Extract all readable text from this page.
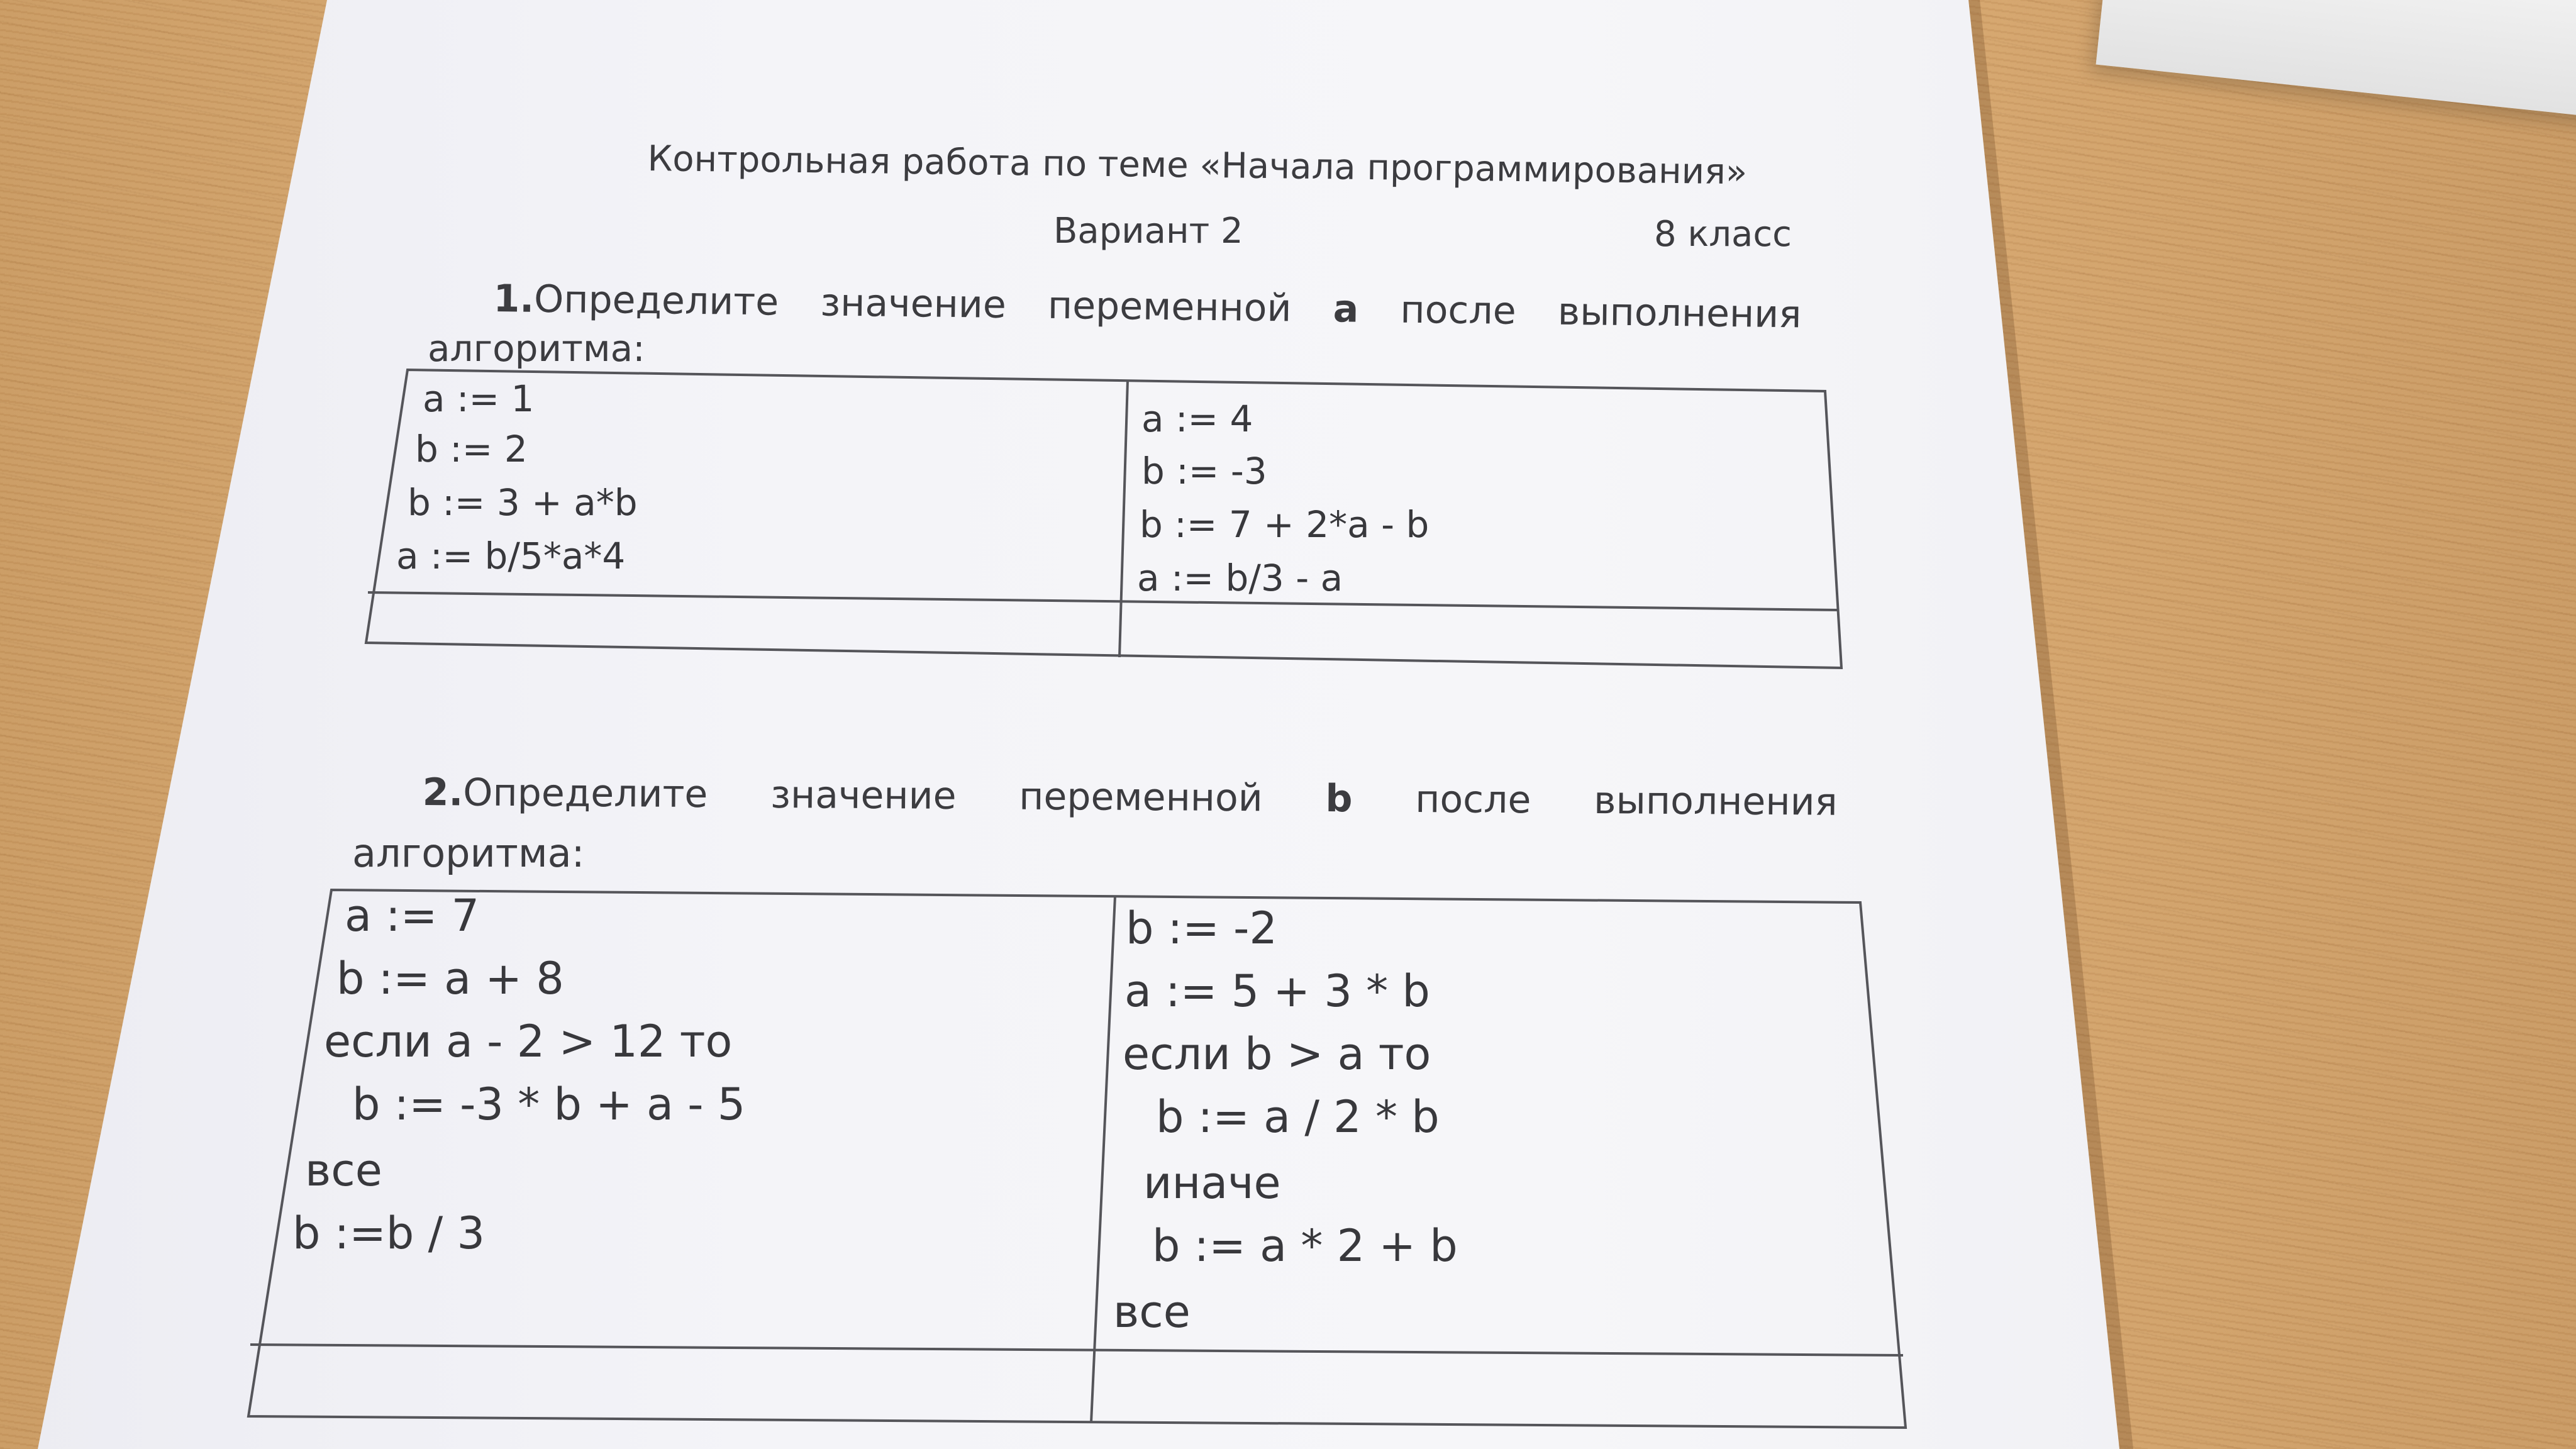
Контрольная работа по теме «Начала программирования»
Вариант 2	8 класс
1.Определите значение переменной a после выполнения
алгоритма:
a := 1
b := 2
b := 3 + a*b
a := b/5*a*4
a := 4
b := -3
b := 7 + 2*a - b
a := b/3 - a
2.Определите значение переменной b после выполнения
алгоритма:
a := 7
b := a + 8
если a - 2 > 12 то
b := -3 * b + a - 5
все
b :=b / 3
b := -2
a := 5 + 3 * b
если b > a то
b := a / 2 * b
иначе
b := a * 2 + b
все
